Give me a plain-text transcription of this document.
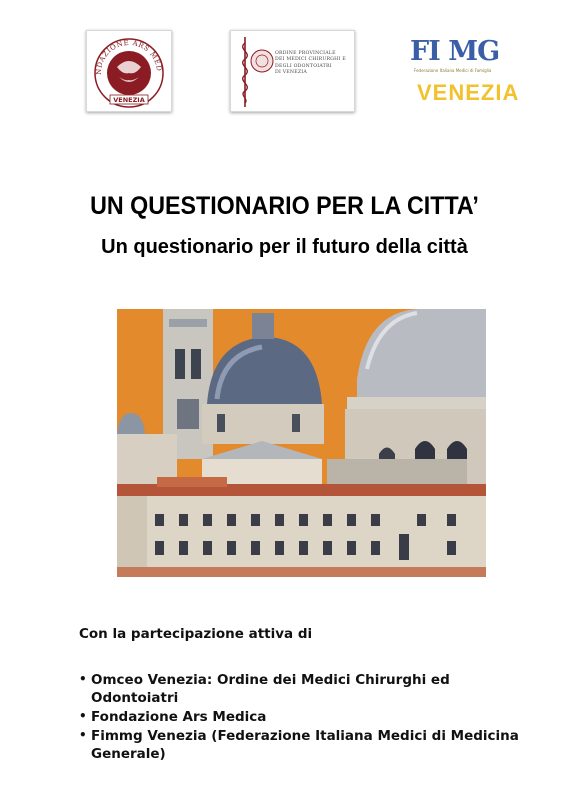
NDAZIONE ARS MED
VENEZIA
ORDINE PROVINCIALE
DEI MEDICI CHIRURGHI E
DEGLI ODONTOIATRI
DI VENEZIA
FI MG
Federazione Italiana Medici di Famiglia
VENEZIA
UN QUESTIONARIO PER LA CITTA’
Un questionario per il futuro della città
Con la partecipazione attiva di
• Omceo Venezia: Ordine dei Medici Chirurghi ed Odontoiatri
• Fondazione Ars Medica
• Fimmg Venezia (Federazione Italiana Medici di Medicina Generale)
